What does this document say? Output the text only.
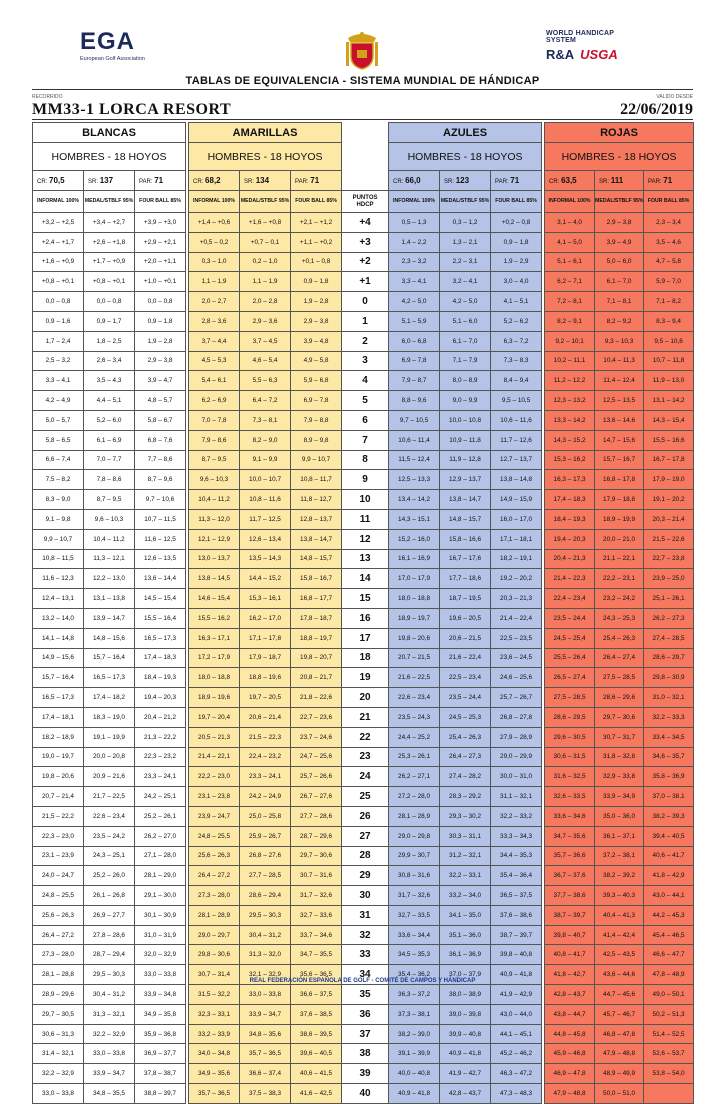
EGA
European Golf Association
WORLD HANDICAP SYSTEM
R&A USGA
TABLAS DE EQUIVALENCIA - SISTEMA MUNDIAL DE HÁNDICAP
RECORRIDO	VALIDO DESDE
MM33-1 LORCA RESORT	22/06/2019
BLANCAS				AMARILLAS				AZULES				ROJAS		
HOMBRES - 18 HOYOS				HOMBRES - 18 HOYOS				HOMBRES - 18 HOYOS				HOMBRES - 18 HOYOS		
CR: 70,5	SR: 137	PAR: 71		CR: 68,2	SR: 134	PAR: 71		CR: 66,0	SR: 123	PAR: 71		CR: 63,5	SR: 111	PAR: 71
INFORMAL 100%	MEDAL/STBLF 95%	FOUR BALL 85%		INFORMAL 100%	MEDAL/STBLF 95%	FOUR BALL 85%	PUNTOS
HDCP	INFORMAL 100%	MEDAL/STBLF 95%	FOUR BALL 85%		INFORMAL 100%	MEDAL/STBLF 95%	FOUR BALL 85%
+3,2 – +2,5	+3,4 – +2,7	+3,9 – +3,0		+1,4 – +0,6	+1,6 – +0,8	+2,1 – +1,2	+4	0,5 – 1,3	0,3 – 1,2	+0,2 – 0,8		3,1 – 4,0	2,9 – 3,8	2,3 – 3,4
+2,4 – +1,7	+2,6 – +1,8	+2,9 – +2,1		+0,5 – 0,2	+0,7 – 0,1	+1,1 – +0,2	+3	1,4 – 2,2	1,3 – 2,1	0,9 – 1,8		4,1 – 5,0	3,9 – 4,9	3,5 – 4,6
+1,6 – +0,9	+1,7 – +0,9	+2,0 – +1,1		0,3 – 1,0	0,2 – 1,0	+0,1 – 0,8	+2	2,3 – 3,2	2,2 – 3,1	1,9 – 2,9		5,1 – 6,1	5,0 – 6,0	4,7 – 5,8
+0,8 – +0,1	+0,8 – +0,1	+1,0 – +0,1		1,1 – 1,9	1,1 – 1,9	0,9 – 1,8	+1	3,3 – 4,1	3,2 – 4,1	3,0 – 4,0		6,2 – 7,1	6,1 – 7,0	5,9 – 7,0
0,0 – 0,8	0,0 – 0,8	0,0 – 0,8		2,0 – 2,7	2,0 – 2,8	1,9 – 2,8	0	4,2 – 5,0	4,2 – 5,0	4,1 – 5,1		7,2 – 8,1	7,1 – 8,1	7,1 – 8,2
0,9 – 1,6	0,9 – 1,7	0,9 – 1,8		2,8 – 3,6	2,9 – 3,6	2,9 – 3,8	1	5,1 – 5,9	5,1 – 6,0	5,2 – 6,2		8,2 – 9,1	8,2 – 9,2	8,3 – 9,4
1,7 – 2,4	1,8 – 2,5	1,9 – 2,8		3,7 – 4,4	3,7 – 4,5	3,9 – 4,8	2	6,0 – 6,8	6,1 – 7,0	6,3 – 7,2		9,2 – 10,1	9,3 – 10,3	9,5 – 10,6
2,5 – 3,2	2,6 – 3,4	2,9 – 3,8		4,5 – 5,3	4,6 – 5,4	4,9 – 5,8	3	6,9 – 7,8	7,1 – 7,9	7,3 – 8,3		10,2 – 11,1	10,4 – 11,3	10,7 – 11,8
3,3 – 4,1	3,5 – 4,3	3,9 – 4,7		5,4 – 6,1	5,5 – 6,3	5,9 – 6,8	4	7,9 – 8,7	8,0 – 8,9	8,4 – 9,4		11,2 – 12,2	11,4 – 12,4	11,9 – 13,0
4,2 – 4,9	4,4 – 5,1	4,8 – 5,7		6,2 – 6,9	6,4 – 7,2	6,9 – 7,8	5	8,8 – 9,6	9,0 – 9,9	9,5 – 10,5		12,3 – 13,2	12,5 – 13,5	13,1 – 14,2
5,0 – 5,7	5,2 – 6,0	5,8 – 6,7		7,0 – 7,8	7,3 – 8,1	7,9 – 8,8	6	9,7 – 10,5	10,0 – 10,8	10,6 – 11,6		13,3 – 14,2	13,6 – 14,6	14,3 – 15,4
5,8 – 6,5	6,1 – 6,9	6,8 – 7,6		7,9 – 8,6	8,2 – 9,0	8,9 – 9,8	7	10,6 – 11,4	10,9 – 11,8	11,7 – 12,6		14,3 – 15,2	14,7 – 15,6	15,5 – 16,6
6,6 – 7,4	7,0 – 7,7	7,7 – 8,6		8,7 – 9,5	9,1 – 9,9	9,9 – 10,7	8	11,5 – 12,4	11,9 – 12,8	12,7 – 13,7		15,3 – 16,2	15,7 – 16,7	16,7 – 17,8
7,5 – 8,2	7,8 – 8,6	8,7 – 9,6		9,6 – 10,3	10,0 – 10,7	10,8 – 11,7	9	12,5 – 13,3	12,9 – 13,7	13,8 – 14,8		16,3 – 17,3	16,8 – 17,8	17,9 – 19,0
8,3 – 9,0	8,7 – 9,5	9,7 – 10,6		10,4 – 11,2	10,8 – 11,6	11,8 – 12,7	10	13,4 – 14,2	13,8 – 14,7	14,9 – 15,9		17,4 – 18,3	17,9 – 18,8	19,1 – 20,2
9,1 – 9,8	9,6 – 10,3	10,7 – 11,5		11,3 – 12,0	11,7 – 12,5	12,8 – 13,7	11	14,3 – 15,1	14,8 – 15,7	16,0 – 17,0		18,4 – 19,3	18,9 – 19,9	20,3 – 21,4
9,9 – 10,7	10,4 – 11,2	11,6 – 12,5		12,1 – 12,9	12,6 – 13,4	13,8 – 14,7	12	15,2 – 16,0	15,8 – 16,6	17,1 – 18,1		19,4 – 20,3	20,0 – 21,0	21,5 – 22,6
10,8 – 11,5	11,3 – 12,1	12,6 – 13,5		13,0 – 13,7	13,5 – 14,3	14,8 – 15,7	13	16,1 – 16,9	16,7 – 17,6	18,2 – 19,1		20,4 – 21,3	21,1 – 22,1	22,7 – 23,8
11,6 – 12,3	12,2 – 13,0	13,6 – 14,4		13,8 – 14,5	14,4 – 15,2	15,8 – 16,7	14	17,0 – 17,9	17,7 – 18,6	19,2 – 20,2		21,4 – 22,3	22,2 – 23,1	23,9 – 25,0
12,4 – 13,1	13,1 – 13,8	14,5 – 15,4		14,6 – 15,4	15,3 – 16,1	16,8 – 17,7	15	18,0 – 18,8	18,7 – 19,5	20,3 – 21,3		22,4 – 23,4	23,2 – 24,2	25,1 – 26,1
13,2 – 14,0	13,9 – 14,7	15,5 – 16,4		15,5 – 16,2	16,2 – 17,0	17,8 – 18,7	16	18,9 – 19,7	19,6 – 20,5	21,4 – 22,4		23,5 – 24,4	24,3 – 25,3	26,2 – 27,3
14,1 – 14,8	14,8 – 15,6	16,5 – 17,3		16,3 – 17,1	17,1 – 17,8	18,8 – 19,7	17	19,8 – 20,6	20,6 – 21,5	22,5 – 23,5		24,5 – 25,4	25,4 – 26,3	27,4 – 28,5
14,9 – 15,6	15,7 – 16,4	17,4 – 18,3		17,2 – 17,9	17,9 – 18,7	19,8 – 20,7	18	20,7 – 21,5	21,6 – 22,4	23,6 – 24,5		25,5 – 26,4	26,4 – 27,4	28,6 – 29,7
15,7 – 16,4	16,5 – 17,3	18,4 – 19,3		18,0 – 18,8	18,8 – 19,6	20,8 – 21,7	19	21,6 – 22,5	22,5 – 23,4	24,6 – 25,6		26,5 – 27,4	27,5 – 28,5	29,8 – 30,9
16,5 – 17,3	17,4 – 18,2	19,4 – 20,3		18,9 – 19,6	19,7 – 20,5	21,8 – 22,6	20	22,6 – 23,4	23,5 – 24,4	25,7 – 26,7		27,5 – 28,5	28,6 – 29,6	31,0 – 32,1
17,4 – 18,1	18,3 – 19,0	20,4 – 21,2		19,7 – 20,4	20,6 – 21,4	22,7 – 23,6	21	23,5 – 24,3	24,5 – 25,3	26,8 – 27,8		28,6 – 29,5	29,7 – 30,6	32,2 – 33,3
18,2 – 18,9	19,1 – 19,9	21,3 – 22,2		20,5 – 21,3	21,5 – 22,3	23,7 – 24,6	22	24,4 – 25,2	25,4 – 26,3	27,9 – 28,9		29,6 – 30,5	30,7 – 31,7	33,4 – 34,5
19,0 – 19,7	20,0 – 20,8	22,3 – 23,2		21,4 – 22,1	22,4 – 23,2	24,7 – 25,6	23	25,3 – 26,1	26,4 – 27,3	29,0 – 29,9		30,6 – 31,5	31,8 – 32,8	34,6 – 35,7
19,8 – 20,6	20,9 – 21,6	23,3 – 24,1		22,2 – 23,0	23,3 – 24,1	25,7 – 26,6	24	26,2 – 27,1	27,4 – 28,2	30,0 – 31,0		31,6 – 32,5	32,9 – 33,8	35,8 – 36,9
20,7 – 21,4	21,7 – 22,5	24,2 – 25,1		23,1 – 23,8	24,2 – 24,9	26,7 – 27,6	25	27,2 – 28,0	28,3 – 29,2	31,1 – 32,1		32,6 – 33,5	33,9 – 34,9	37,0 – 38,1
21,5 – 22,2	22,6 – 23,4	25,2 – 26,1		23,9 – 24,7	25,0 – 25,8	27,7 – 28,6	26	28,1 – 28,9	29,3 – 30,2	32,2 – 33,2		33,6 – 34,6	35,0 – 36,0	38,2 – 39,3
22,3 – 23,0	23,5 – 24,2	26,2 – 27,0		24,8 – 25,5	25,9 – 26,7	28,7 – 29,6	27	29,0 – 29,8	30,3 – 31,1	33,3 – 34,3		34,7 – 35,6	36,1 – 37,1	39,4 – 40,5
23,1 – 23,9	24,3 – 25,1	27,1 – 28,0		25,6 – 26,3	26,8 – 27,6	29,7 – 30,6	28	29,9 – 30,7	31,2 – 32,1	34,4 – 35,3		35,7 – 36,6	37,2 – 38,1	40,6 – 41,7
24,0 – 24,7	25,2 – 26,0	28,1 – 29,0		26,4 – 27,2	27,7 – 28,5	30,7 – 31,6	29	30,8 – 31,6	32,2 – 33,1	35,4 – 36,4		36,7 – 37,6	38,2 – 39,2	41,8 – 42,9
24,8 – 25,5	26,1 – 26,8	29,1 – 30,0		27,3 – 28,0	28,6 – 29,4	31,7 – 32,6	30	31,7 – 32,6	33,2 – 34,0	36,5 – 37,5		37,7 – 38,6	39,3 – 40,3	43,0 – 44,1
25,6 – 26,3	26,9 – 27,7	30,1 – 30,9		28,1 – 28,9	29,5 – 30,3	32,7 – 33,6	31	32,7 – 33,5	34,1 – 35,0	37,6 – 38,6		38,7 – 39,7	40,4 – 41,3	44,2 – 45,3
26,4 – 27,2	27,8 – 28,6	31,0 – 31,9		29,0 – 29,7	30,4 – 31,2	33,7 – 34,6	32	33,6 – 34,4	35,1 – 36,0	38,7 – 39,7		39,8 – 40,7	41,4 – 42,4	45,4 – 46,5
27,3 – 28,0	28,7 – 29,4	32,0 – 32,9		29,8 – 30,6	31,3 – 32,0	34,7 – 35,5	33	34,5 – 35,3	36,1 – 36,9	39,8 – 40,8		40,8 – 41,7	42,5 – 43,5	46,6 – 47,7
28,1 – 28,8	29,5 – 30,3	33,0 – 33,8		30,7 – 31,4	32,1 – 32,9	35,6 – 36,5	34	35,4 – 36,2	37,0 – 37,9	40,9 – 41,8		41,8 – 42,7	43,6 – 44,6	47,8 – 48,9
28,9 – 29,6	30,4 – 31,2	33,9 – 34,8		31,5 – 32,2	33,0 – 33,8	36,6 – 37,5	35	36,3 – 37,2	38,0 – 38,9	41,9 – 42,9		42,8 – 43,7	44,7 – 45,6	49,0 – 50,1
29,7 – 30,5	31,3 – 32,1	34,9 – 35,8		32,3 – 33,1	33,9 – 34,7	37,6 – 38,5	36	37,3 – 38,1	39,0 – 39,8	43,0 – 44,0		43,8 – 44,7	45,7 – 46,7	50,2 – 51,3
30,6 – 31,3	32,2 – 32,9	35,9 – 36,8		33,2 – 33,9	34,8 – 35,6	38,6 – 39,5	37	38,2 – 39,0	39,9 – 40,8	44,1 – 45,1		44,8 – 45,8	46,8 – 47,8	51,4 – 52,5
31,4 – 32,1	33,0 – 33,8	36,9 – 37,7		34,0 – 34,8	35,7 – 36,5	39,6 – 40,5	38	39,1 – 39,9	40,9 – 41,8	45,2 – 46,2		45,9 – 46,8	47,9 – 48,8	52,6 – 53,7
32,2 – 32,9	33,9 – 34,7	37,8 – 38,7		34,9 – 35,6	36,6 – 37,4	40,6 – 41,5	39	40,0 – 40,8	41,9 – 42,7	46,3 – 47,2		46,9 – 47,8	48,9 – 49,9	53,8 – 54,0
33,0 – 33,8	34,8 – 35,5	38,8 – 39,7		35,7 – 36,5	37,5 – 38,3	41,6 – 42,5	40	40,9 – 41,8	42,8 – 43,7	47,3 – 48,3		47,9 – 48,8	50,0 – 51,0	
REAL FEDERACIÓN ESPAÑOLA DE GOLF - COMITÉ DE CAMPOS Y HÁNDICAP
